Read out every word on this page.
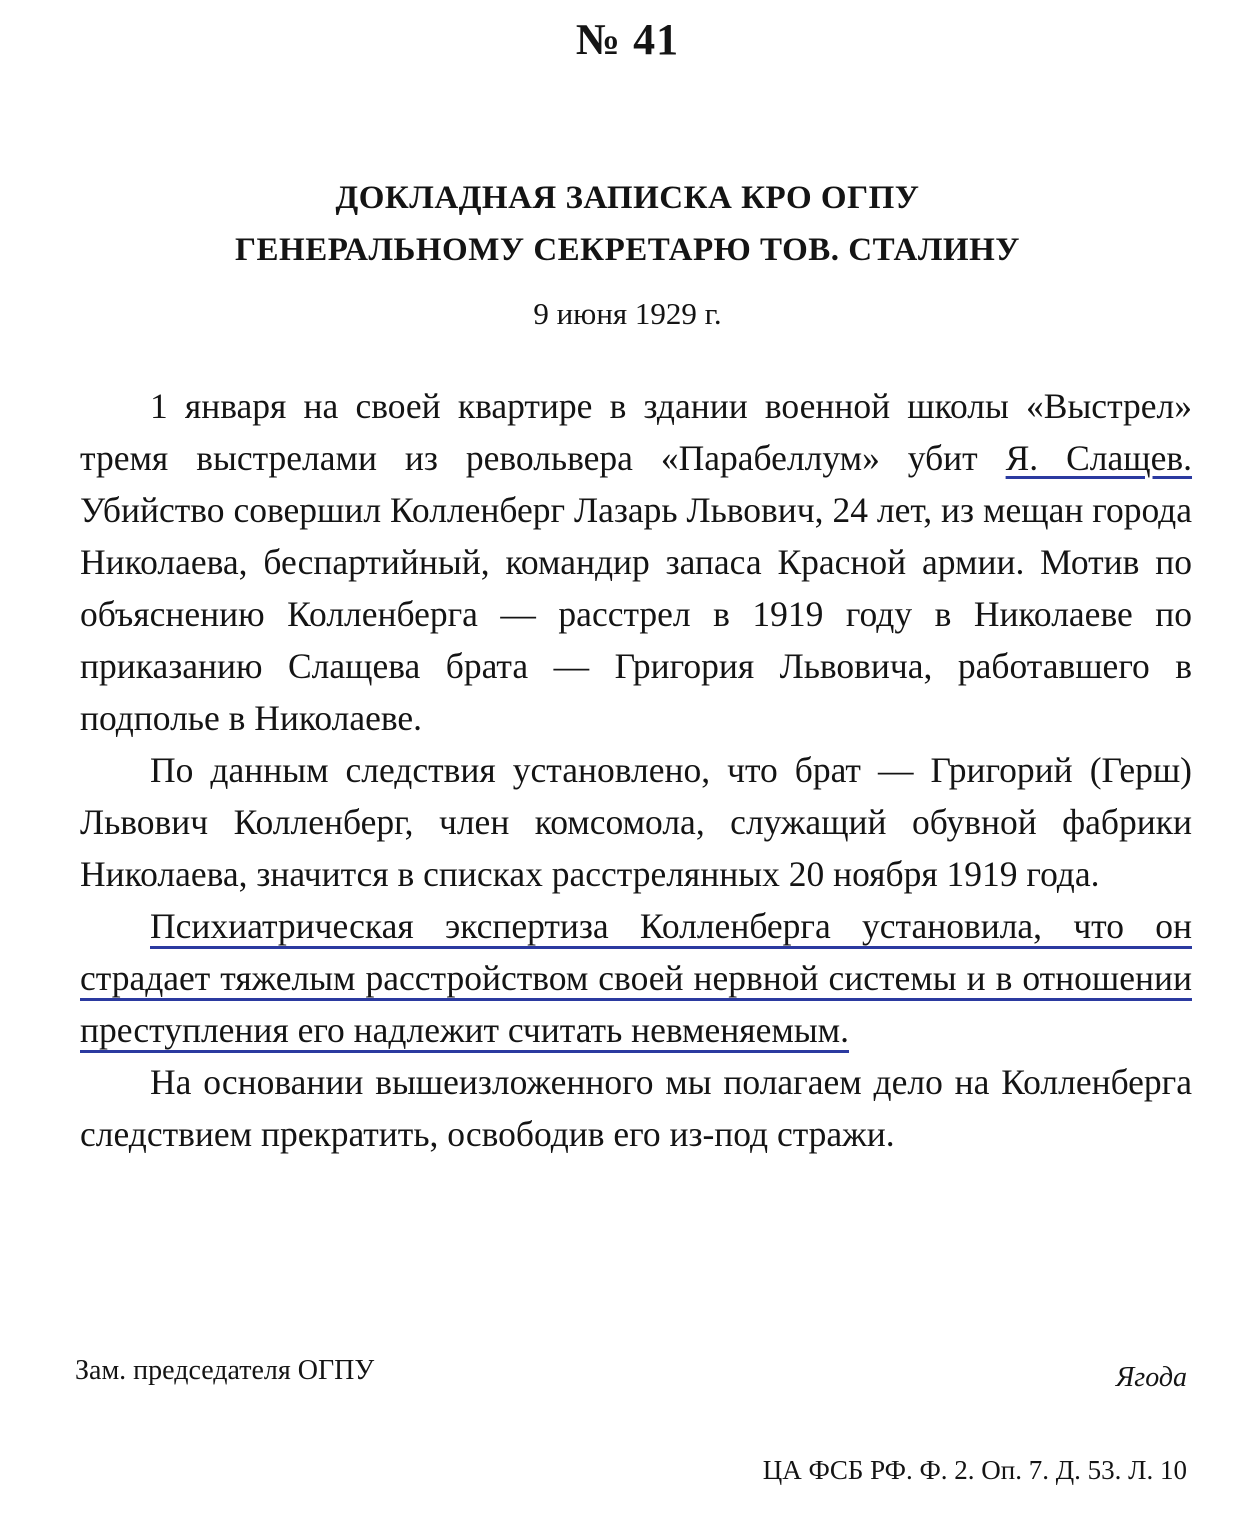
№ 41
ДОКЛАДНАЯ ЗАПИСКА КРО ОГПУ
ГЕНЕРАЛЬНОМУ СЕКРЕТАРЮ ТОВ. СТАЛИНУ
9 июня 1929 г.

1 января на своей квартире в здании военной школы «Выстрел» тремя выстрелами из револьвера «Парабеллум» убит Я. Слащев. Убийство совершил Колленберг Лазарь Львович, 24 лет, из мещан города Николаева, беспартийный, командир запаса Красной армии. Мотив по объяснению Колленберга — расстрел в 1919 году в Николаеве по приказанию Слащева брата — Григория Львовича, работавшего в подполье в Николаеве.

По данным следствия установлено, что брат — Григорий (Герш) Львович Колленберг, член комсомола, служащий обувной фабрики Николаева, значится в списках расстрелянных 20 ноября 1919 года.

Психиатрическая экспертиза Колленберга установила, что он страдает тяжелым расстройством своей нервной системы и в отношении преступления его надлежит считать невменяемым.

На основании вышеизложенного мы полагаем дело на Колленберга следствием прекратить, освободив его из-под стражи.

Зам. председателя ОГПУ	Ягода
ЦА ФСБ РФ. Ф. 2. Оп. 7. Д. 53. Л. 10
